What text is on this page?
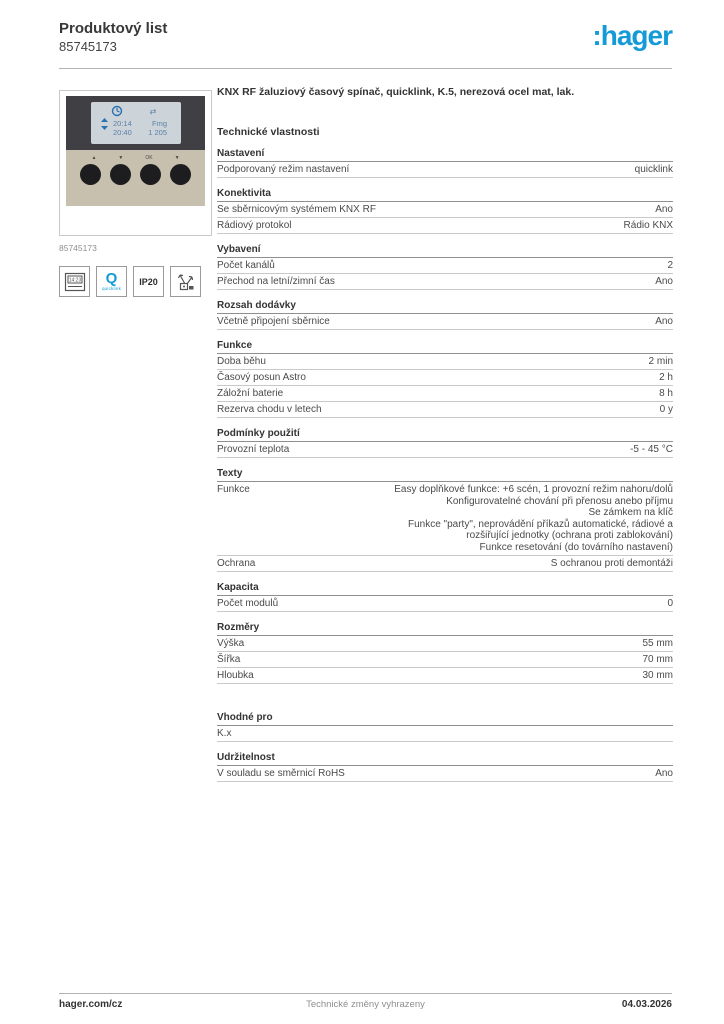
Produktový list
85745173	:hager
⇄
20:14
20:40
Fmg
1 205
▲	▼	OK	▼
85745173
14:23 Q
quicklink
IP20
KNX RF žaluziový časový spínač, quicklink, K.5, nerezová ocel mat, lak.
Technické vlastnosti
Nastavení
Podporovaný režim nastavení	quicklink
Konektivita
Se sběrnicovým systémem KNX RF	Ano
Rádiový protokol	Rádio KNX
Vybavení
Počet kanálů	2
Přechod na letní/zimní čas	Ano
Rozsah dodávky
Včetně připojení sběrnice	Ano
Funkce
Doba běhu	2 min
Časový posun Astro	2 h
Záložní baterie	8 h
Rezerva chodu v letech	0 y
Podmínky použití
Provozní teplota	-5 - 45 °C
Texty
Funkce	Easy doplňkové funkce: +6 scén, 1 provozní režim nahoru/dolů
Konfigurovatelné chování při přenosu anebo příjmu
Se zámkem na klíč
Funkce "party", neprovádění příkazů automatické, rádiové a
rozšiřující jednotky (ochrana proti zablokování)
Funkce resetování (do továrního nastavení)
Ochrana	S ochranou proti demontáži
Kapacita
Počet modulů	0
Rozměry
Výška	55 mm
Šířka	70 mm
Hloubka	30 mm
Vhodné pro
K.x
Udržitelnost
V souladu se směrnicí RoHS	Ano
hager.com/cz	Technické změny vyhrazeny	04.03.2026
